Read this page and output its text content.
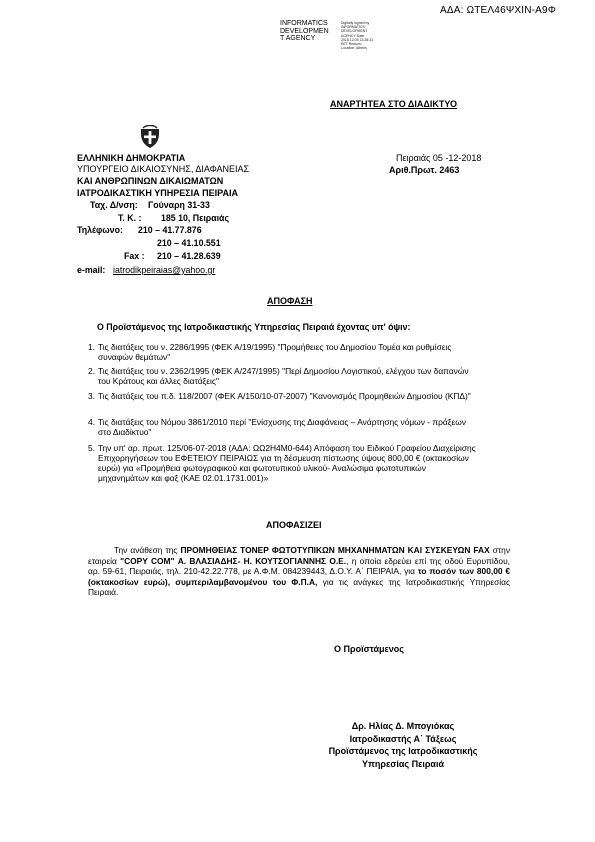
ΑΔΑ: ΩΤΕΛ46ΨΧΙΝ-Α9Φ
INFORMATICS
DEVELOPMEN
T AGENCY
Digitally signed by INFORMATICS DEVELOPMENT AGENCY Date: 2018.12.05 13:28:31 EET Reason: Location: Athens
ΑΝΑΡΤΗΤΕΑ ΣΤΟ ΔΙΑΔΙΚΤΥΟ
ΕΛΛΗΝΙΚΗ ΔΗΜΟΚΡΑΤΙΑ
ΥΠΟΥΡΓΕΙΟ ΔΙΚΑΙΟΣΥΝΗΣ, ΔΙΑΦΑΝΕΙΑΣ
ΚΑΙ ΑΝΘΡΩΠΙΝΩΝ ΔΙΚΑΙΩΜΑΤΩΝ
ΙΑΤΡΟΔΙΚΑΣΤΙΚΗ ΥΠΗΡΕΣΙΑ ΠΕΙΡΑΙΑ
Ταχ. Δ/νση: Γούναρη 31-33
Τ. Κ. : 185 10, Πειραιάς
Τηλέφωνο: 210 – 41.77.876
210 – 41.10.551
Fax : 210 – 41.28.639
e-mail: iatrodikpeiraias@yahoo.gr
Πειραιάς 05 -12-2018
Αριθ.Πρωτ. 2463
ΑΠΟΦΑΣΗ
Ο Προϊστάμενος της Ιατροδικαστικής Υπηρεσίας Πειραιά έχοντας υπ' όψιν:
1. Τις διατάξεις του ν. 2286/1995 (ΦΕΚ Α/19/1995) "Προμήθειες του Δημοσίου Τομέα και ρυθμίσεις συναφών θεμάτων"
2. Τις διατάξεις του ν. 2362/1995 (ΦΕΚ Α/247/1995) "Περί Δημοσίου Λογιστικού, ελέγχου των δαπανών του Κράτους και άλλες διατάξεις"
3. Τις διατάξεις του π.δ. 118/2007 (ΦΕΚ Α/150/10-07-2007) "Κανονισμός Προμηθειών Δημοσίου (ΚΠΔ)"
4. Τις διατάξεις του Νόμου 3861/2010 περί "Ενίσχυσης της Διαφάνειας – Ανάρτησης νόμων - πράξεων στο Διαδίκτυο"
5. Την υπ' αρ. πρωτ. 125/06-07-2018 (ΑΔΑ: ΩΩ2Η4Μ0-644) Απόφαση του Ειδικού Γραφείου Διαχείρισης Επιχορηγήσεων του ΕΦΕΤΕΙΟΥ ΠΕΙΡΑΙΩΣ για τη δέσμευση πίστωσης ύψους 800,00 € (οκτακοσίων ευρώ) για «Προμήθεια φωτογραφικού και φωτοτυπικού υλικού- Αναλώσιμα φωτοτυπικών μηχανημάτων και φαξ (ΚΑΕ 02.01.1731.001)»
ΑΠΟΦΑΣΙΖΕΙ
Την ανάθεση της ΠΡΟΜΗΘΕΙΑΣ ΤΟΝΕΡ ΦΩΤΟΤΥΠΙΚΩΝ ΜΗΧΑΝΗΜΑΤΩΝ ΚΑΙ ΣΥΣΚΕΥΩΝ FAX στην εταιρεία "COPY COM" Α. ΒΛΑΣΙΑΔΗΣ- Η. ΚΟΥΤΣΟΓΙΑΝΝΗΣ Ο.Ε., η οποία εδρεύει επί της οδού Ευρυπίδου, αρ. 59-61, Πειραιάς, τηλ. 210-42.22.778, με Α.Φ.Μ. 084239443, Δ.Ο.Υ. Α΄ ΠΕΙΡΑΙΑ, για το ποσόν των 800,00 € (οκτακοσίων ευρώ), συμπεριλαμβανομένου του Φ.Π.Α, για τις ανάγκες της Ιατροδικαστικής Υπηρεσίας Πειραιά.
Ο Προϊστάμενος
Δρ. Ηλίας Δ. Μπογιόκας
Ιατροδικαστής Α΄ Τάξεως
Προϊστάμενος της Ιατροδικαστικής
Υπηρεσίας Πειραιά
